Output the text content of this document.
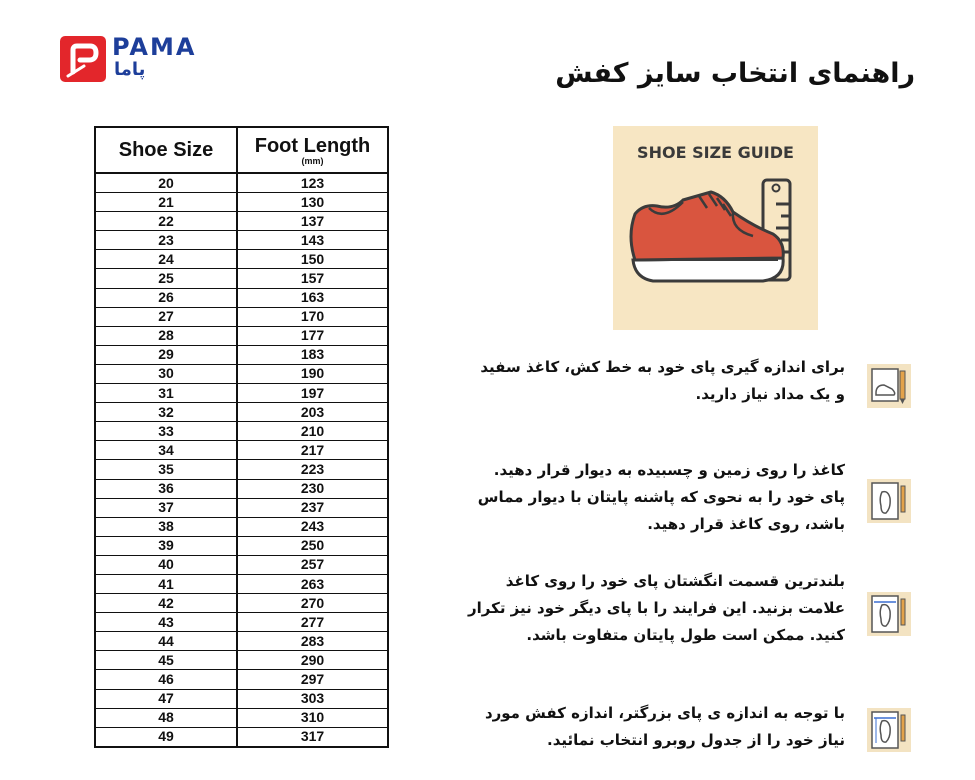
PAMA
پاما	راهنمای انتخاب سایز کفش
Shoe Size	Foot Length
(mm)

20	123
21	130
22	137
23	143
24	150
25	157
26	163
27	170
28	177
29	183
30	190
31	197
32	203
33	210
34	217
35	223
36	230
37	237
38	243
39	250
40	257
41	263
42	270
43	277
44	283
45	290
46	297
47	303
48	310
49	317
SHOE SIZE GUIDE
برای اندازه گیری پای خود به خط کش، کاغذ سفید
و یک مداد نیاز دارید.
کاغذ را روی زمین و چسبیده به دیوار قرار دهید.
پای خود را به نحوی که پاشنه پایتان با دیوار مماس
باشد، روی کاغذ قرار دهید.
بلندترین قسمت انگشتان پای خود را روی کاغذ
علامت بزنید. این فرایند را با پای دیگر خود نیز تکرار
کنید. ممکن است طول پایتان متفاوت باشد.
با توجه به اندازه ی پای بزرگتر، اندازه کفش مورد
نیاز خود را از جدول روبرو انتخاب نمائید.
